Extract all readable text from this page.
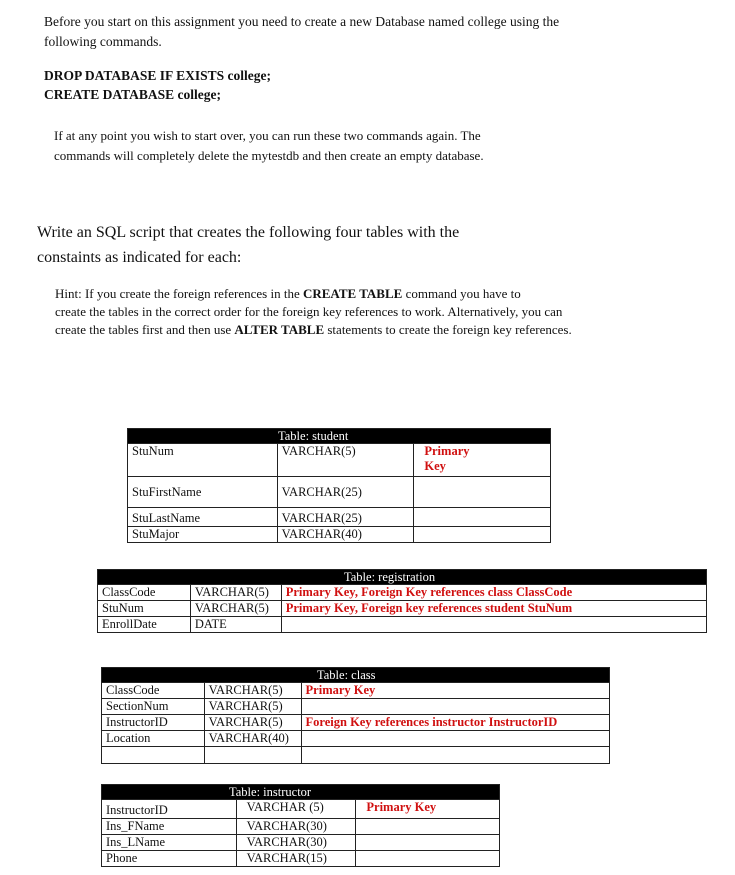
Before you start on this assignment you need to create a new Database named college using the
following commands.
DROP DATABASE IF EXISTS college;
CREATE DATABASE college;
If at any point you wish to start over, you can run these two commands again. The
commands will completely delete the mytestdb and then create an empty database.
Write an SQL script that creates the following four tables with the
constaints as indicated for each:
Hint: If you create the foreign references in the CREATE TABLE command you have to
create the tables in the correct order for the foreign key references to work. Alternatively, you can
create the tables first and then use ALTER TABLE statements to create the foreign key references.
Table: student		
StuNum	VARCHAR(5)	Primary Key
StuFirstName	VARCHAR(25)	
StuLastName	VARCHAR(25)	
StuMajor	VARCHAR(40)	
Table: registration		
ClassCode	VARCHAR(5)	Primary Key, Foreign Key references class ClassCode
StuNum	VARCHAR(5)	Primary Key, Foreign key references student StuNum
EnrollDate	DATE	
Table: class		
ClassCode	VARCHAR(5)	Primary Key
SectionNum	VARCHAR(5)	
InstructorID	VARCHAR(5)	Foreign Key references instructor InstructorID
Location	VARCHAR(40)	

Table: instructor		
InstructorID	VARCHAR (5)	Primary Key
Ins_FName	VARCHAR(30)	
Ins_LName	VARCHAR(30)	
Phone	VARCHAR(15)	
